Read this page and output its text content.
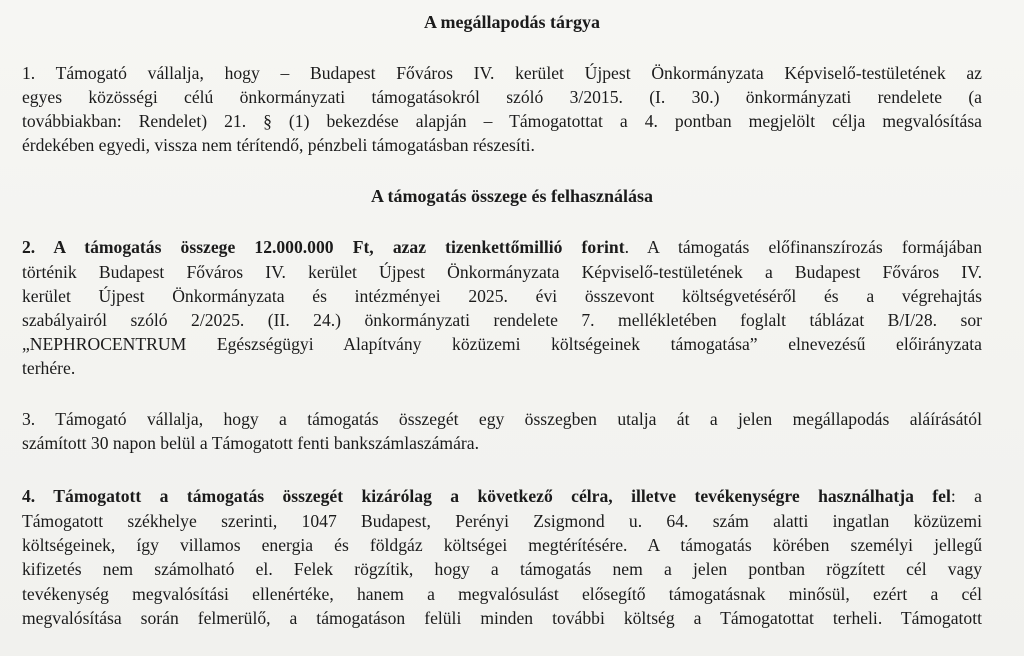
A megállapodás tárgya
1. Támogató vállalja, hogy – Budapest Főváros IV. kerület Újpest Önkormányzata Képviselő-testületének az
egyes közösségi célú önkormányzati támogatásokról szóló 3/2015. (I. 30.) önkormányzati rendelete (a
továbbiakban: Rendelet) 21. § (1) bekezdése alapján – Támogatottat a 4. pontban megjelölt célja megvalósítása
érdekében egyedi, vissza nem térítendő, pénzbeli támogatásban részesíti.
A támogatás összege és felhasználása
2. A támogatás összege 12.000.000 Ft, azaz tizenkettőmillió forint. A támogatás előfinanszírozás formájában
történik Budapest Főváros IV. kerület Újpest Önkormányzata Képviselő-testületének a Budapest Főváros IV.
kerület Újpest Önkormányzata és intézményei 2025. évi összevont költségvetéséről és a végrehajtás
szabályairól szóló 2/2025. (II. 24.) önkormányzati rendelete 7. mellékletében foglalt táblázat B/I/28. sor
„NEPHROCENTRUM Egészségügyi Alapítvány közüzemi költségeinek támogatása” elnevezésű előirányzata
terhére.
3. Támogató vállalja, hogy a támogatás összegét egy összegben utalja át a jelen megállapodás aláírásától
számított 30 napon belül a Támogatott fenti bankszámlaszámára.
4. Támogatott a támogatás összegét kizárólag a következő célra, illetve tevékenységre használhatja fel: a
Támogatott székhelye szerinti, 1047 Budapest, Perényi Zsigmond u. 64. szám alatti ingatlan közüzemi
költségeinek, így villamos energia és földgáz költségei megtérítésére. A támogatás körében személyi jellegű
kifizetés nem számolható el. Felek rögzítik, hogy a támogatás nem a jelen pontban rögzített cél vagy
tevékenység megvalósítási ellenértéke, hanem a megvalósulást elősegítő támogatásnak minősül, ezért a cél
megvalósítása során felmerülő, a támogatáson felüli minden további költség a Támogatottat terheli. Támogatott
